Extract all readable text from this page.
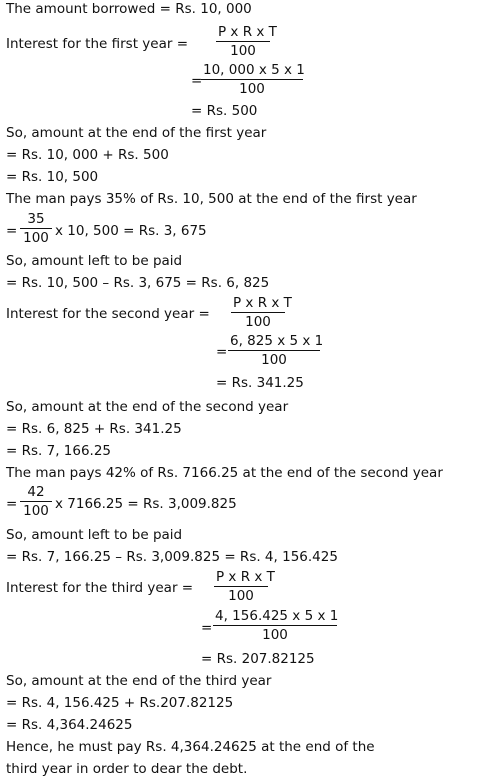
The amount borrowed = Rs. 10, 000
Interest for the first year = $\frac{\text{P x R x T}}{100}$
=
$\frac{10, 000 x 5 x 1}{100}$
= Rs. 500
So, amount at the end of the first year
= Rs. 10, 000 + Rs. 500
= Rs. 10, 500
The man pays 35% of Rs. 10, 500 at the end of the first year
= $\frac{35}{100}$ x 10, 500 = Rs. 3, 675
So, amount left to be paid
= Rs. 10, 500 – Rs. 3, 675 = Rs. 6, 825
Interest for the second year = $\frac{\text{P x R x T}}{100}$
= $\frac{6, 825 x 5 x 1}{100}$
= Rs. 341.25
So, amount at the end of the second year
= Rs. 6, 825 + Rs. 341.25
= Rs. 7, 166.25
The man pays 42% of Rs. 7166.25 at the end of the second year
= $\frac{42}{100}$ x 7166.25 = Rs. 3,009.825
So, amount left to be paid
= Rs. 7, 166.25 – Rs. 3,009.825 = Rs. 4, 156.425
Interest for the third year = $\frac{\text{P x R x T}}{100}$
= $\frac{4, 156.425 x 5 x 1}{100}$
= Rs. 207.82125
So, amount at the end of the third year
= Rs. 4, 156.425 + Rs.207.82125
= Rs. 4,364.24625
Hence, he must pay Rs. 4,364.24625 at the end of the
third year in order to dear the debt.
